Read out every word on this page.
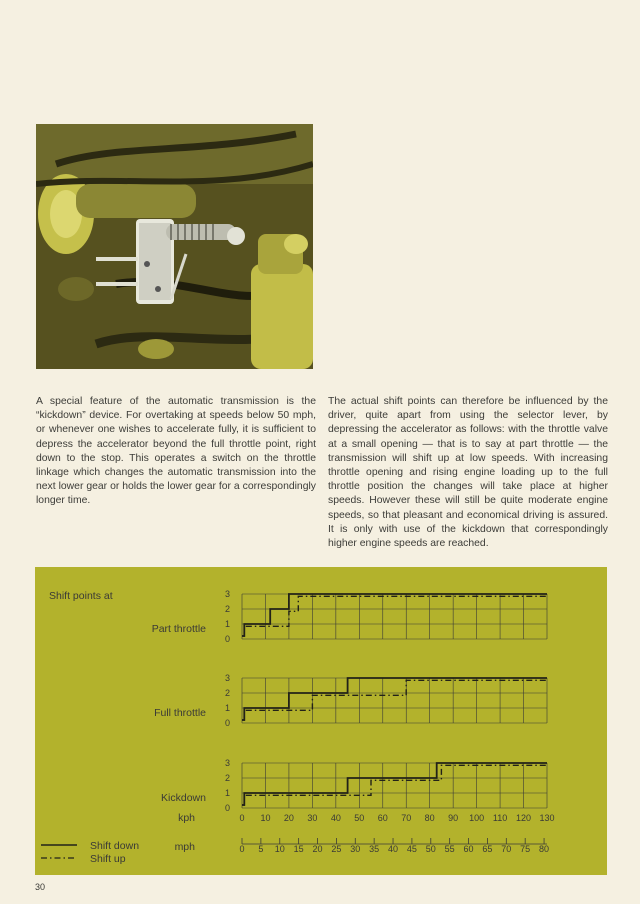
A special feature of the automatic transmission is the “kickdown” device. For overtaking at speeds below 50 mph, or whenever one wishes to accelerate fully, it is sufficient to depress the accelerator beyond the full throttle point, right down to the stop. This operates a switch on the throttle linkage which changes the automatic transmission into the next lower gear or holds the lower gear for a correspondingly longer time.
The actual shift points can therefore be influenced by the driver, quite apart from using the selector lever, by depressing the accelerator as follows: with the throttle valve at a small opening — that is to say at part throttle — the transmission will shift up at low speeds. With increasing throttle opening and rising engine loading up to the full throttle position the changes will take place at higher speeds. However these will still be quite moderate engine speeds, so that pleasant and economical driving is assured. It is only with use of the kickdown that correspondingly higher engine speeds are reached.
0
1
2
3
Part throttle
Shift points at
0
1
2
3
Full throttle
0
1
2
3
Kickdown
kph	0 10 20 30 40 50 60 70 80 90 100 110 120 130
0 5 10 15 20 25 30 35 40 45 50 55 60 65 70 75 80
mph
Shift down
Shift up
30
